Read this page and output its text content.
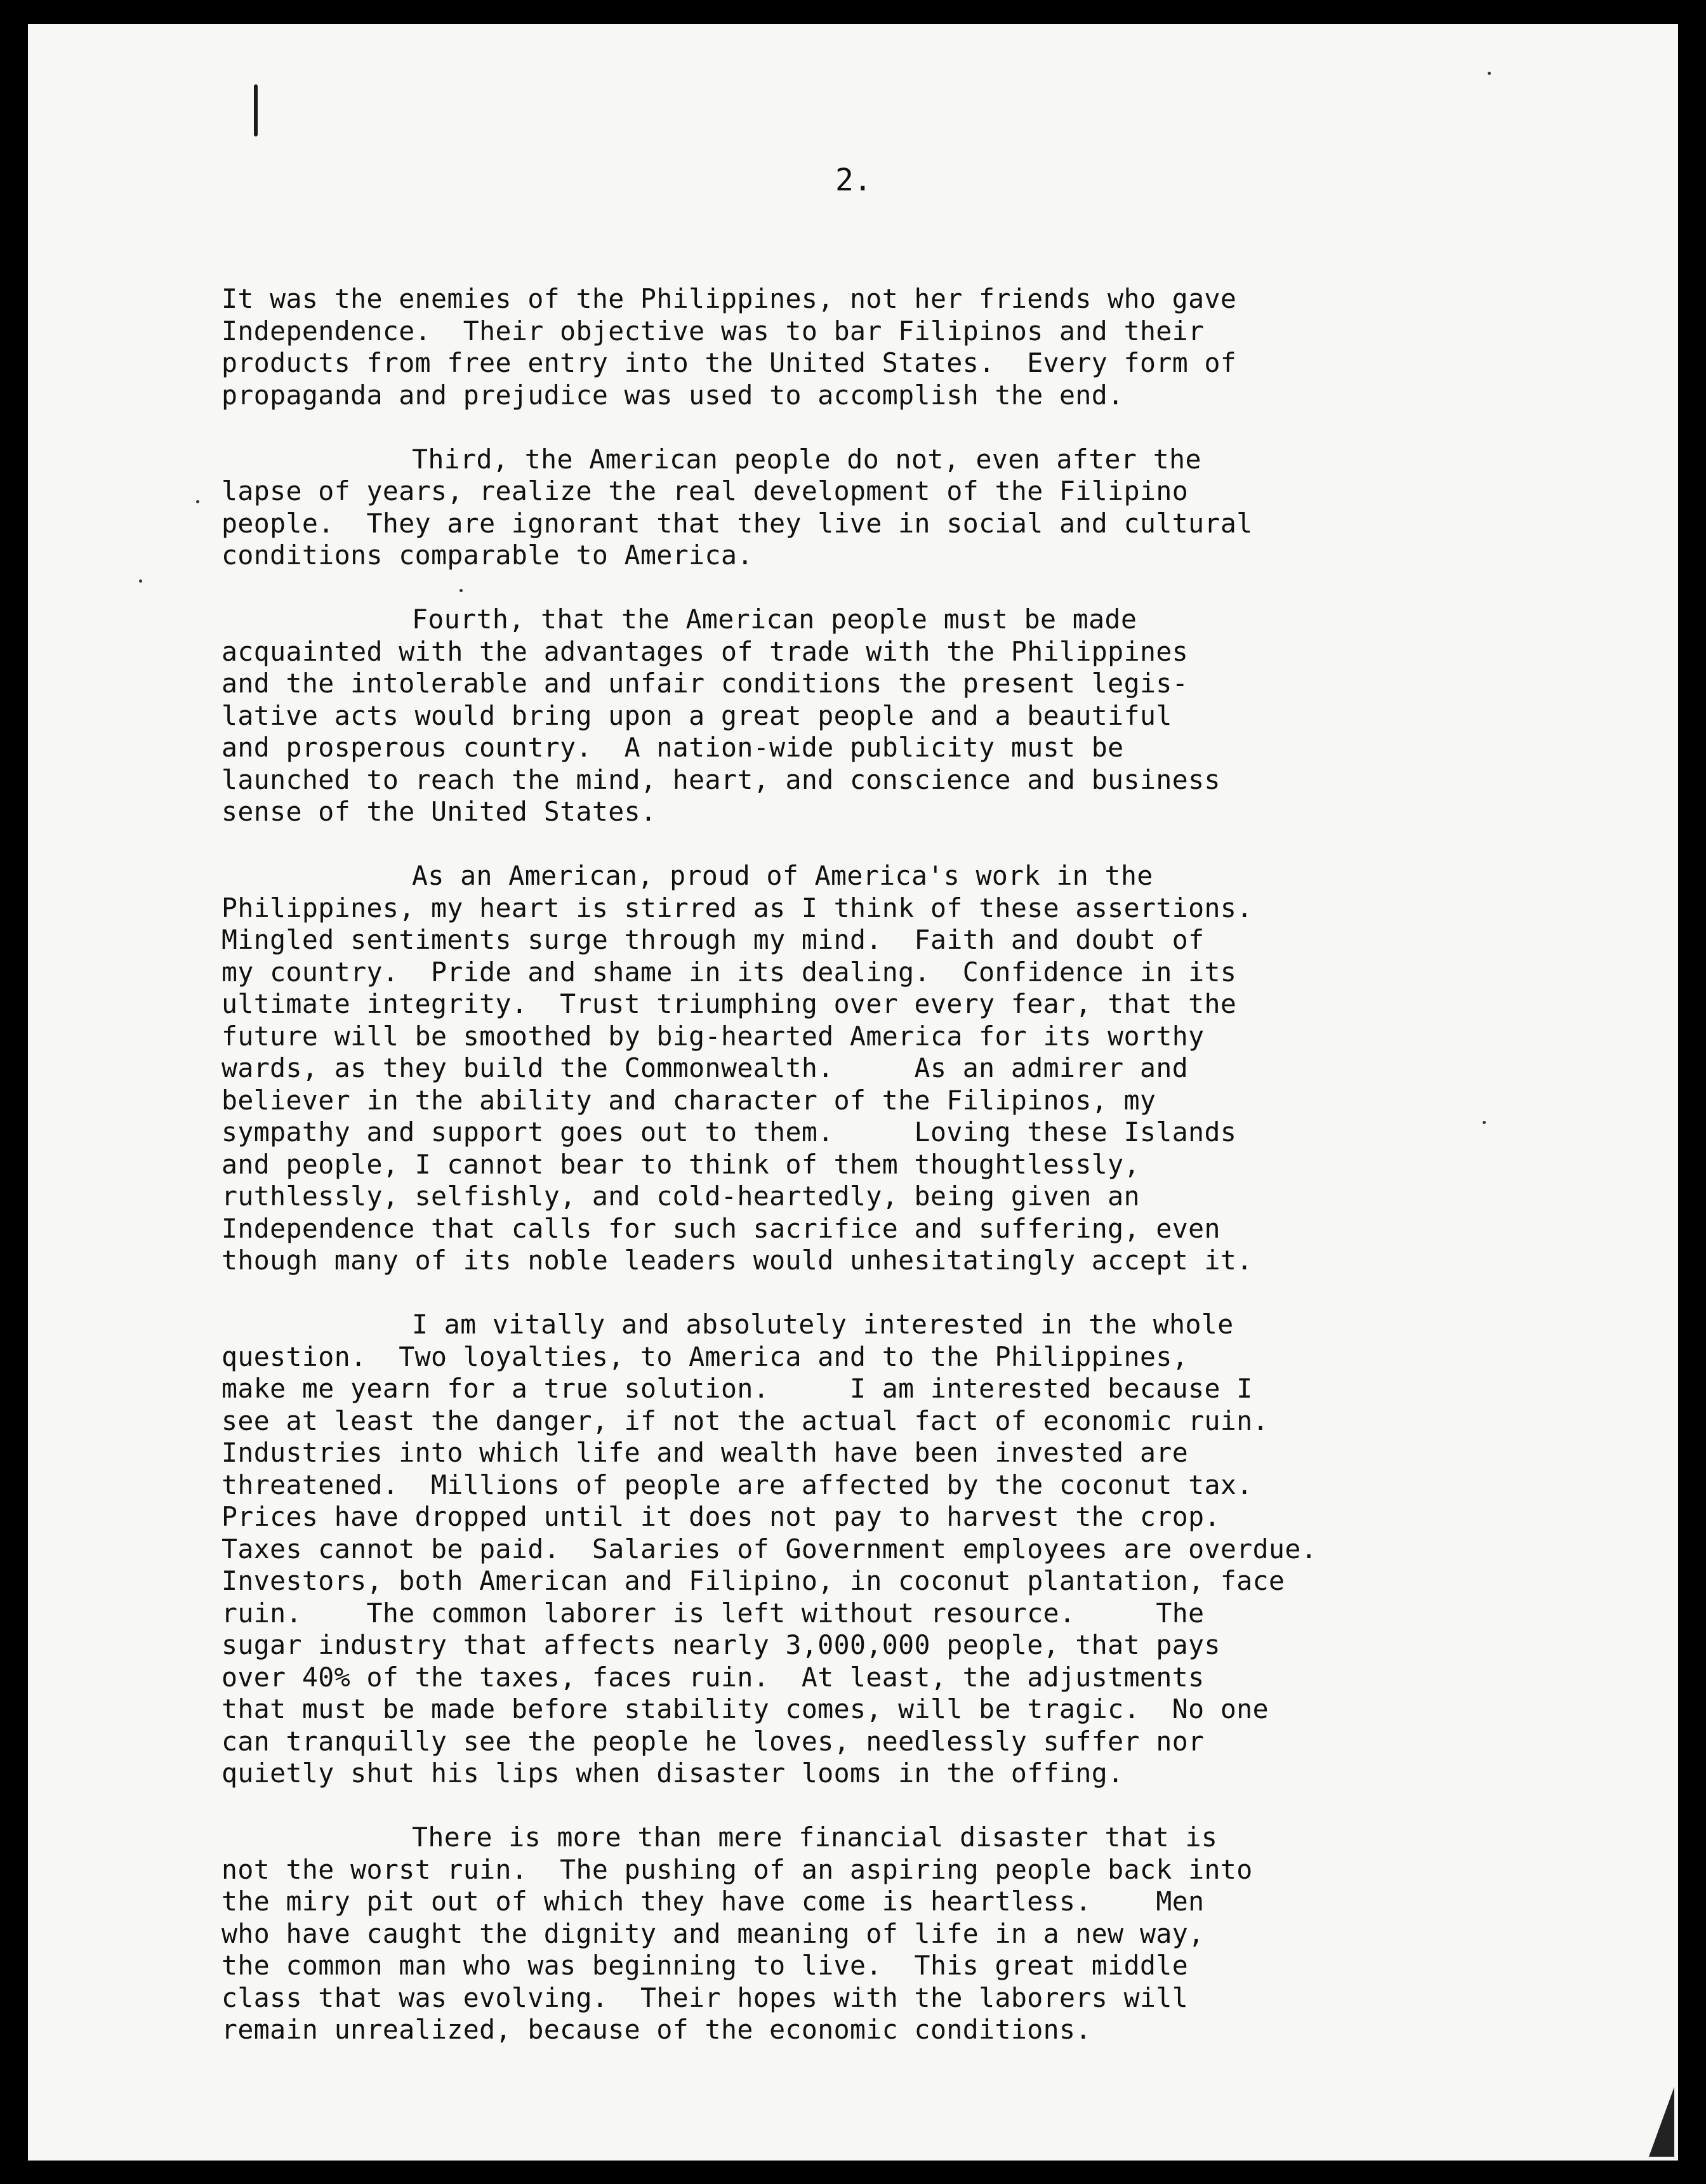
2.

It was the enemies of the Philippines, not her friends who gave
Independence.  Their objective was to bar Filipinos and their
products from free entry into the United States.  Every form of
propaganda and prejudice was used to accomplish the end.
Third, the American people do not, even after the
lapse of years, realize the real development of the Filipino
people.  They are ignorant that they live in social and cultural
conditions comparable to America.
Fourth, that the American people must be made
acquainted with the advantages of trade with the Philippines
and the intolerable and unfair conditions the present legis-
lative acts would bring upon a great people and a beautiful
and prosperous country.  A nation-wide publicity must be
launched to reach the mind, heart, and conscience and business
sense of the United States.
As an American, proud of America's work in the
Philippines, my heart is stirred as I think of these assertions.
Mingled sentiments surge through my mind.  Faith and doubt of
my country.  Pride and shame in its dealing.  Confidence in its
ultimate integrity.  Trust triumphing over every fear, that the
future will be smoothed by big-hearted America for its worthy
wards, as they build the Commonwealth.     As an admirer and
believer in the ability and character of the Filipinos, my
sympathy and support goes out to them.     Loving these Islands
and people, I cannot bear to think of them thoughtlessly,
ruthlessly, selfishly, and cold-heartedly, being given an
Independence that calls for such sacrifice and suffering, even
though many of its noble leaders would unhesitatingly accept it.
I am vitally and absolutely interested in the whole
question.  Two loyalties, to America and to the Philippines,
make me yearn for a true solution.     I am interested because I
see at least the danger, if not the actual fact of economic ruin.
Industries into which life and wealth have been invested are
threatened.  Millions of people are affected by the coconut tax.
Prices have dropped until it does not pay to harvest the crop.
Taxes cannot be paid.  Salaries of Government employees are overdue.
Investors, both American and Filipino, in coconut plantation, face
ruin.    The common laborer is left without resource.     The
sugar industry that affects nearly 3,000,000 people, that pays
over 40% of the taxes, faces ruin.  At least, the adjustments
that must be made before stability comes, will be tragic.  No one
can tranquilly see the people he loves, needlessly suffer nor
quietly shut his lips when disaster looms in the offing.
There is more than mere financial disaster that is
not the worst ruin.  The pushing of an aspiring people back into
the miry pit out of which they have come is heartless.    Men
who have caught the dignity and meaning of life in a new way,
the common man who was beginning to live.  This great middle
class that was evolving.  Their hopes with the laborers will
remain unrealized, because of the economic conditions.
